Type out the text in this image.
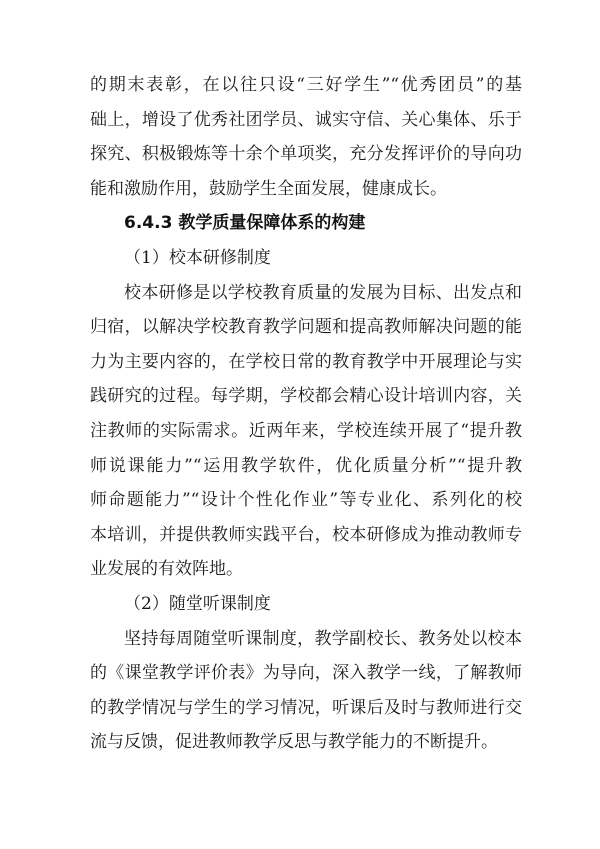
的期末表彰，在以往只设“三好学生”“优秀团员”的基
础上，增设了优秀社团学员、诚实守信、关心集体、乐于
探究、积极锻炼等十余个单项奖，充分发挥评价的导向功
能和激励作用，鼓励学生全面发展，健康成长。

6.4.3 教学质量保障体系的构建

（1）校本研修制度

校本研修是以学校教育质量的发展为目标、出发点和
归宿，以解决学校教育教学问题和提高教师解决问题的能
力为主要内容的，在学校日常的教育教学中开展理论与实
践研究的过程。每学期，学校都会精心设计培训内容，关
注教师的实际需求。近两年来，学校连续开展了“提升教
师说课能力”“运用教学软件，优化质量分析”“提升教
师命题能力”“设计个性化作业”等专业化、系列化的校
本培训，并提供教师实践平台，校本研修成为推动教师专
业发展的有效阵地。

（2）随堂听课制度

坚持每周随堂听课制度，教学副校长、教务处以校本
的《课堂教学评价表》为导向，深入教学一线，了解教师
的教学情况与学生的学习情况，听课后及时与教师进行交
流与反馈，促进教师教学反思与教学能力的不断提升。
